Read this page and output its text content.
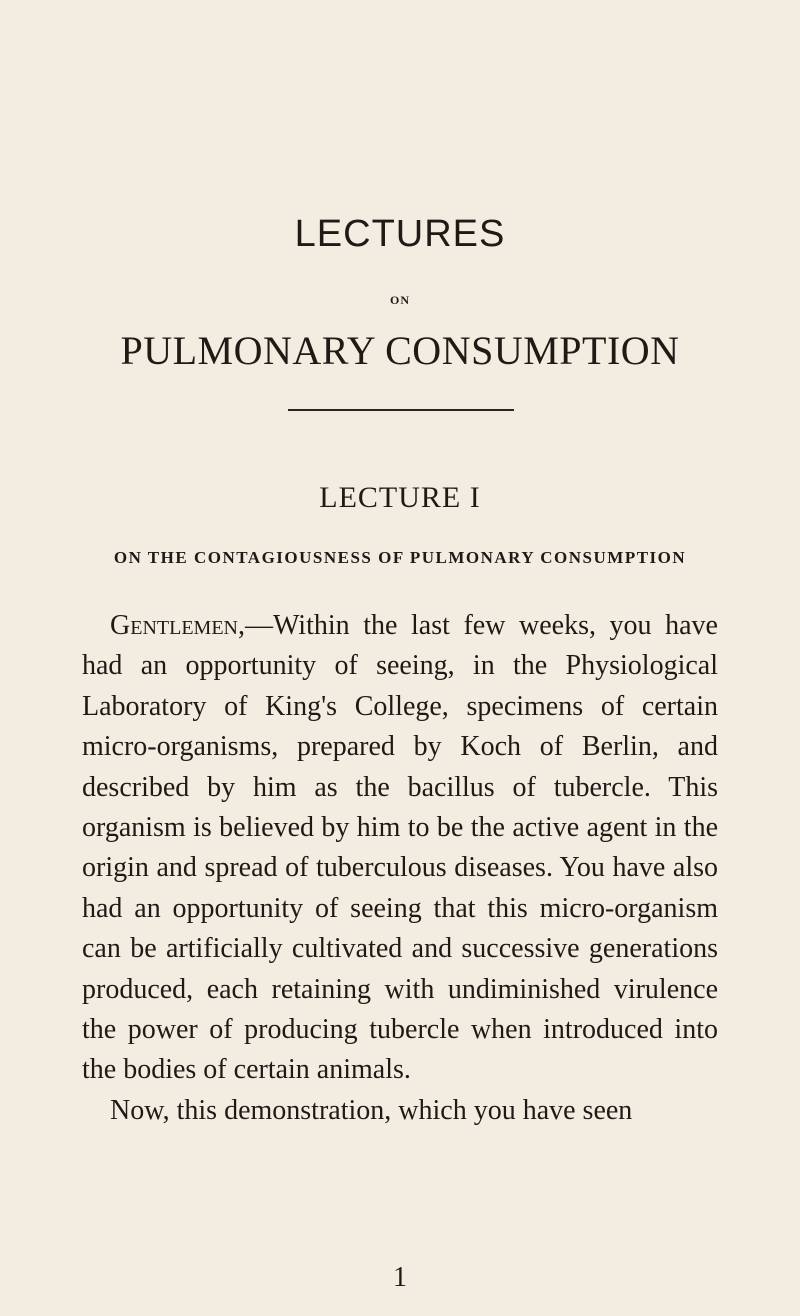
LECTURES
ON
PULMONARY CONSUMPTION
LECTURE I
ON THE CONTAGIOUSNESS OF PULMONARY CONSUMPTION

Gentlemen,—Within the last few weeks, you have had an opportunity of seeing, in the Physiological Laboratory of King's College, specimens of certain micro-organisms, prepared by Koch of Berlin, and described by him as the bacillus of tubercle. This organism is believed by him to be the active agent in the origin and spread of tuberculous diseases. You have also had an opportunity of seeing that this micro-organism can be artificially cultivated and successive generations produced, each retaining with undiminished virulence the power of producing tubercle when introduced into the bodies of certain animals.

Now, this demonstration, which you have seen

1
